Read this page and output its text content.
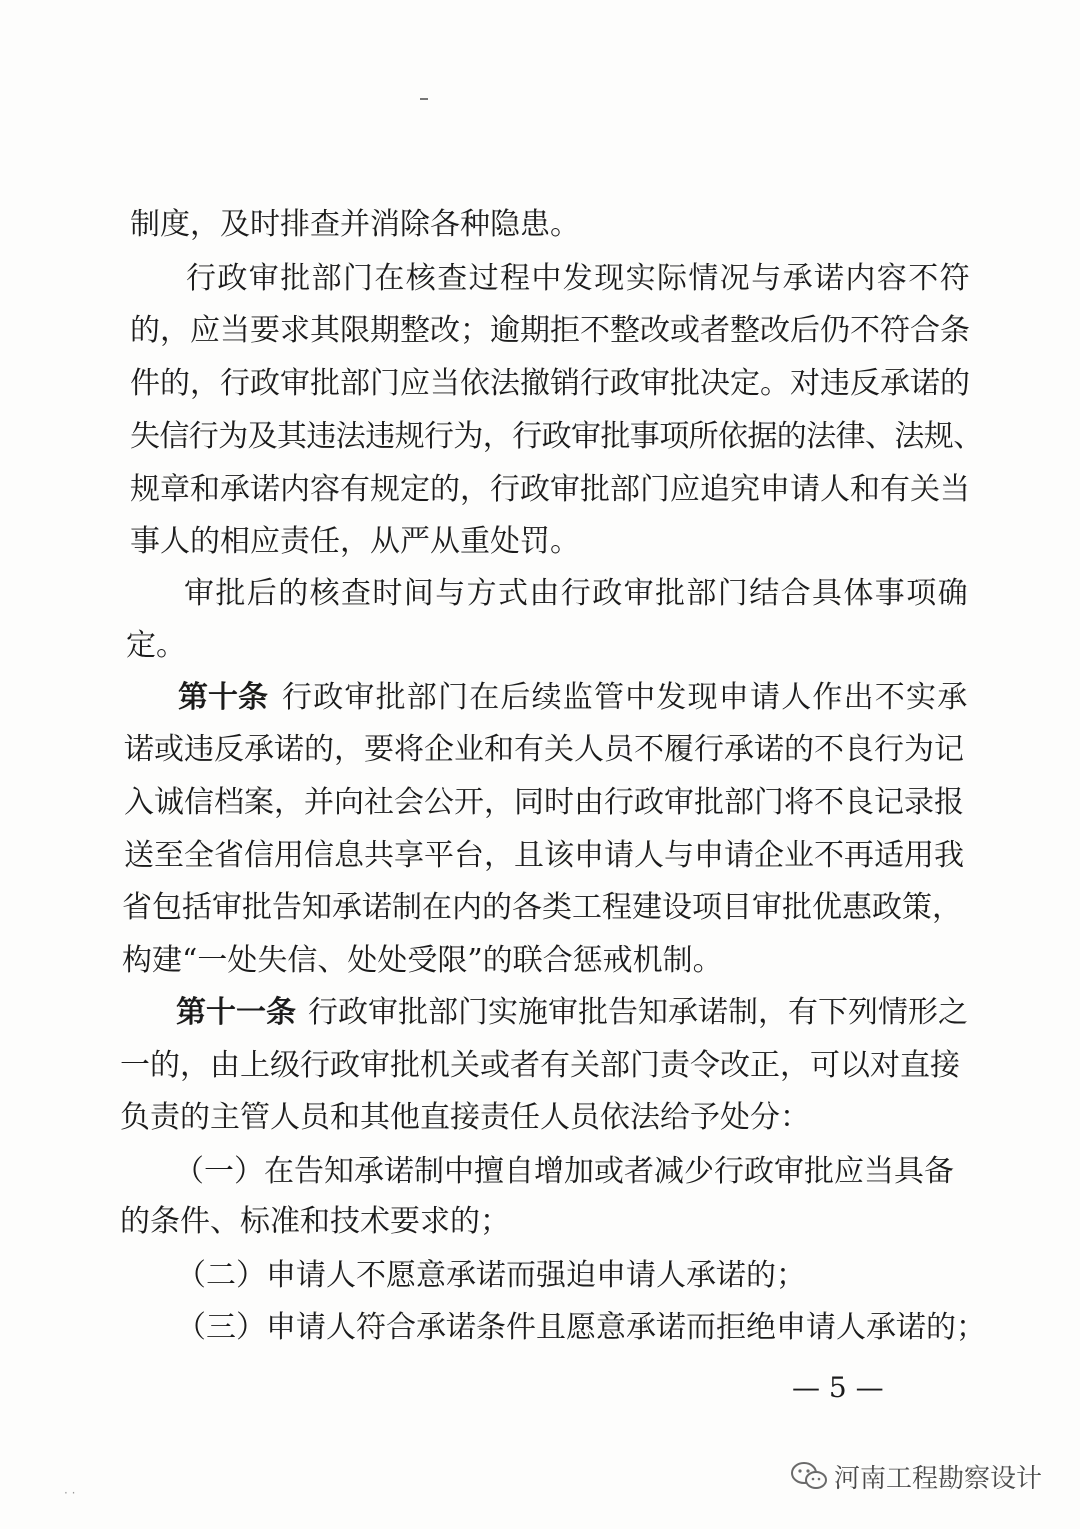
制度，及时排查并消除各种隐患。
行政审批部门在核查过程中发现实际情况与承诺内容不符
的，应当要求其限期整改；逾期拒不整改或者整改后仍不符合条
件的，行政审批部门应当依法撤销行政审批决定。对违反承诺的
失信行为及其违法违规行为，行政审批事项所依据的法律、法规、
规章和承诺内容有规定的，行政审批部门应追究申请人和有关当
事人的相应责任，从严从重处罚。
审批后的核查时间与方式由行政审批部门结合具体事项确
定。
第十条 行政审批部门在后续监管中发现申请人作出不实承
诺或违反承诺的，要将企业和有关人员不履行承诺的不良行为记
入诚信档案，并向社会公开，同时由行政审批部门将不良记录报
送至全省信用信息共享平台，且该申请人与申请企业不再适用我
省包括审批告知承诺制在内的各类工程建设项目审批优惠政策，
构建“一处失信、处处受限”的联合惩戒机制。
第十一条 行政审批部门实施审批告知承诺制，有下列情形之
一的，由上级行政审批机关或者有关部门责令改正，可以对直接
负责的主管人员和其他直接责任人员依法给予处分：
（一）在告知承诺制中擅自增加或者减少行政审批应当具备
的条件、标准和技术要求的；
（二）申请人不愿意承诺而强迫申请人承诺的；
（三）申请人符合承诺条件且愿意承诺而拒绝申请人承诺的；
— 5 —
· ·	河南工程勘察设计
